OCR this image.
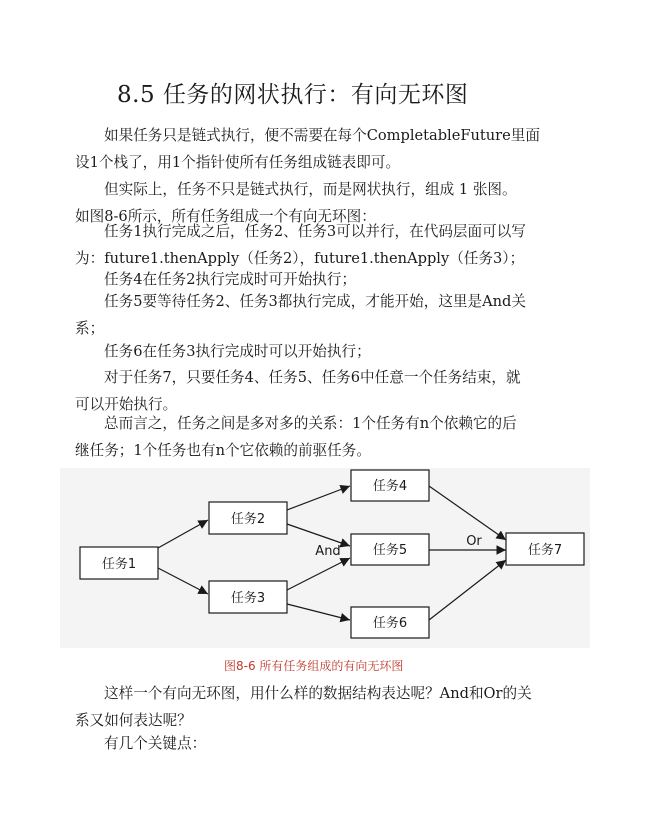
8.5 任务的网状执行：有向无环图
如果任务只是链式执行，便不需要在每个CompletableFuture里面
设1个栈了，用1个指针使所有任务组成链表即可。
但实际上，任务不只是链式执行，而是网状执行，组成 1 张图。
如图8-6所示，所有任务组成一个有向无环图：
任务1执行完成之后，任务2、任务3可以并行，在代码层面可以写
为：future1.thenApply（任务2），future1.thenApply（任务3）；
任务4在任务2执行完成时可开始执行；
任务5要等待任务2、任务3都执行完成，才能开始，这里是And关
系；
任务6在任务3执行完成时可以开始执行；
对于任务7，只要任务4、任务5、任务6中任意一个任务结束，就
可以开始执行。
总而言之，任务之间是多对多的关系：1个任务有n个依赖它的后
继任务；1个任务也有n个它依赖的前驱任务。
任务1
任务2
任务3
任务4
任务5
任务6
任务7
And
Or
图8-6 所有任务组成的有向无环图
这样一个有向无环图，用什么样的数据结构表达呢？And和Or的关
系又如何表达呢？
有几个关键点：
